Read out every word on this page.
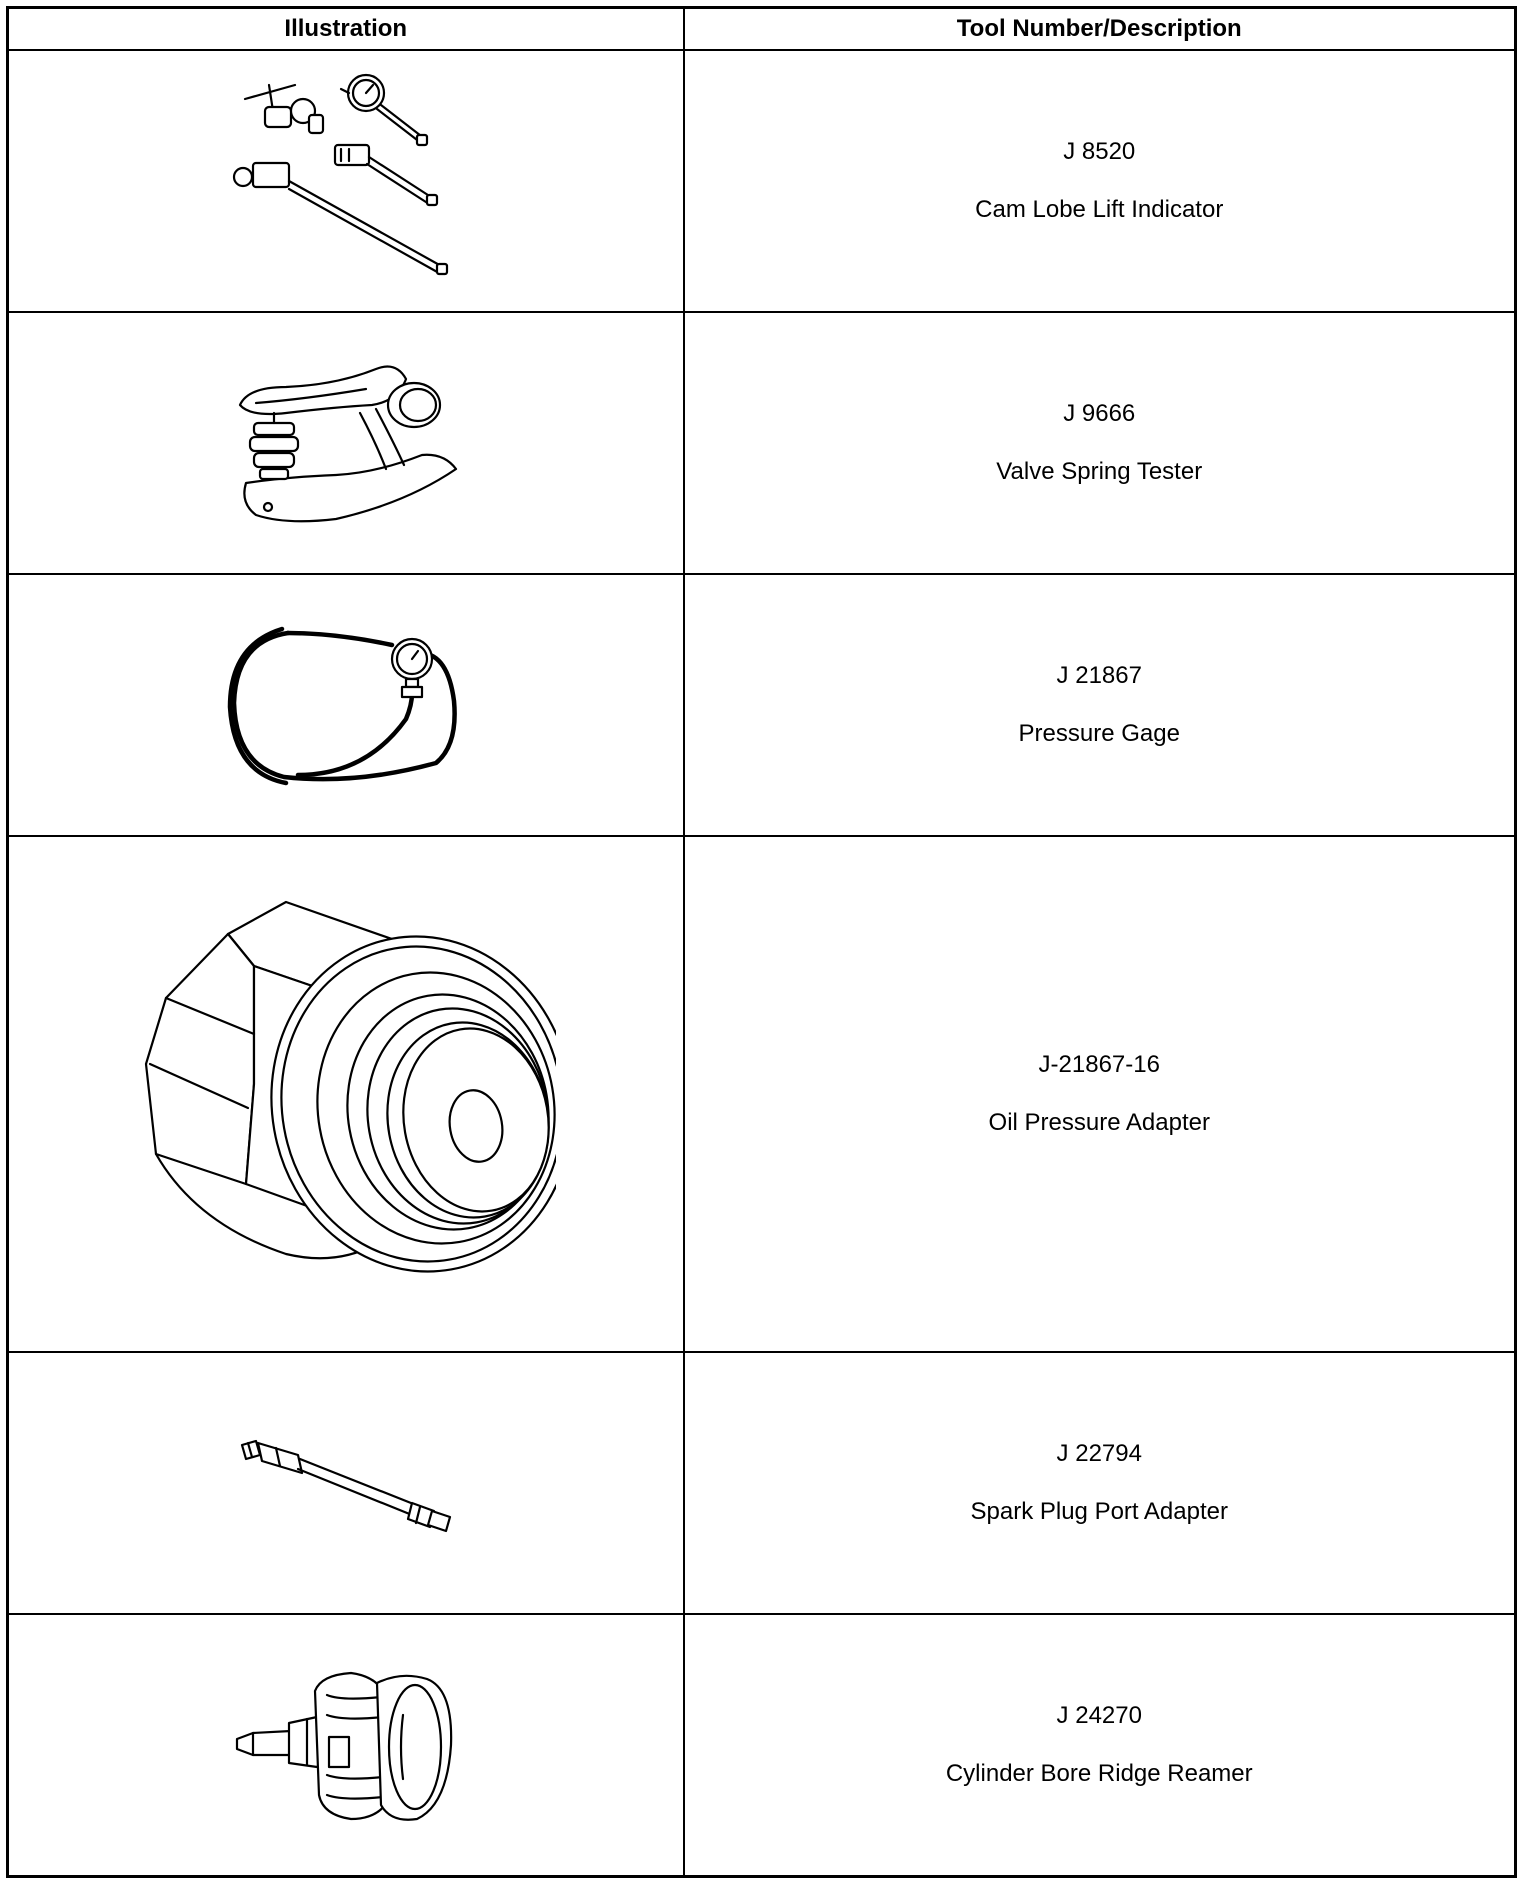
Illustration	Tool Number/Description

J 8520
Cam Lobe Lift Indicator

J 9666
Valve Spring Tester

J 21867
Pressure Gage

J-21867-16
Oil Pressure Adapter

J 22794
Spark Plug Port Adapter

J 24270
Cylinder Bore Ridge Reamer
